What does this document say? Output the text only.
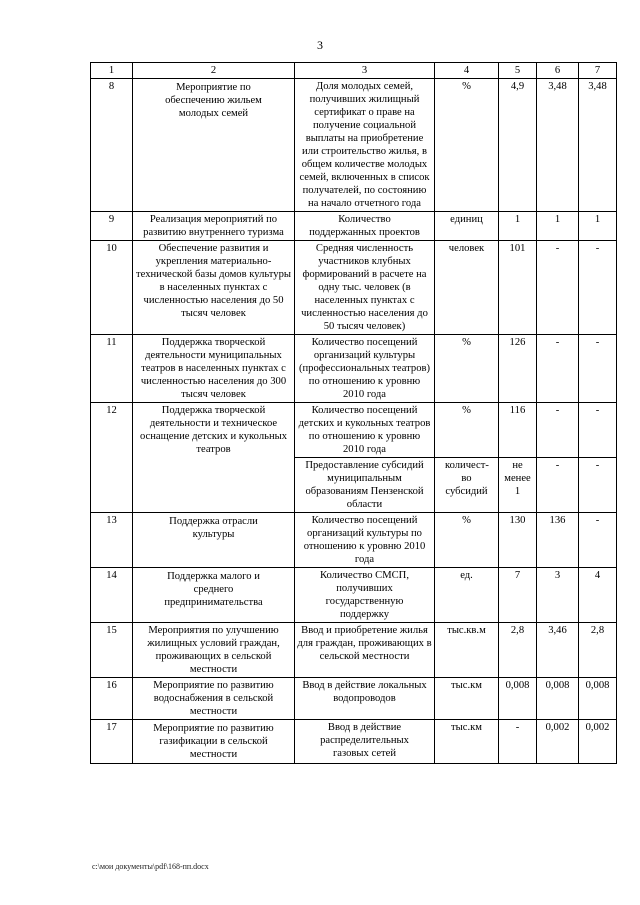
3
1	2	3	4	5	6	7
8	Мероприятие по обеспечению жильем молодых семей	Доля молодых семей, получивших жилищный сертификат о праве на получение социальной выплаты на приобретение или строительство жилья, в общем количестве молодых семей, включенных в список получателей, по состоянию на начало отчетного года	%	4,9	3,48	3,48
9	Реализация мероприятий по развитию внутреннего туризма	Количество поддержанных проектов	единиц	1	1	1
10	Обеспечение развития и укрепления материально-технической базы домов культуры в населенных пунктах с численностью населения до 50 тысяч человек	Средняя численность участников клубных формирований в расчете на одну тыс. человек (в населенных пунктах с численностью населения до 50 тысяч человек)	человек	101	-	-
11	Поддержка творческой деятельности муниципальных театров в населенных пунктах с численностью населения до 300 тысяч человек	Количество посещений организаций культуры (профессиональных театров) по отношению к уровню 2010 года	%	126	-	-
12	Поддержка творческой деятельности и техническое оснащение детских и кукольных театров	Количество посещений детских и кукольных театров по отношению к уровню 2010 года	%	116	-	-
		Предоставление субсидий муниципальным образованиям Пензенской области	количест-во субсидий	не менее 1	-	-
13	Поддержка отрасли культуры	Количество посещений организаций культуры по отношению к уровню 2010 года	%	130	136	-
14	Поддержка малого и среднего предпринимательства	Количество СМСП, получивших государственную поддержку	ед.	7	3	4
15	Мероприятия по улучшению жилищных условий граждан, проживающих в сельской местности	Ввод и приобретение жилья для граждан, проживающих в сельской местности	тыс.кв.м	2,8	3,46	2,8
16	Мероприятие по развитию водоснабжения в сельской местности	Ввод в действие локальных водопроводов	тыс.км	0,008	0,008	0,008
17	Мероприятие по развитию газификации в сельской местности	Ввод в действие распределительных газовых сетей	тыс.км	-	0,002	0,002
c:\мои документы\pdf\168-пп.docx
